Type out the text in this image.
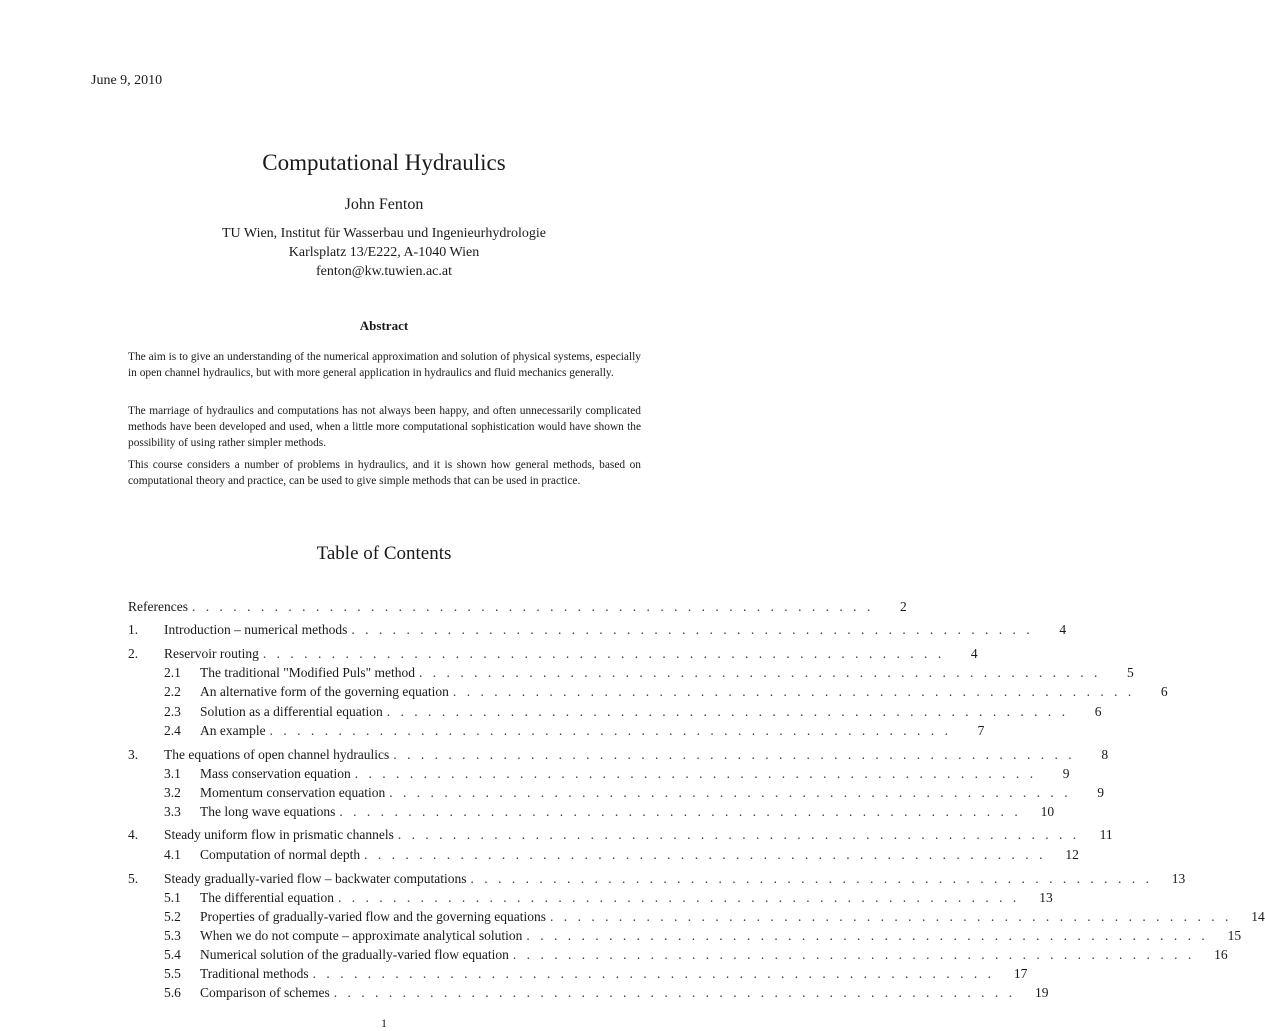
June 9, 2010
Computational Hydraulics
John Fenton
TU Wien, Institut für Wasserbau und Ingenieurhydrologie
Karlsplatz 13/E222, A-1040 Wien
fenton@kw.tuwien.ac.at
Abstract

The aim is to give an understanding of the numerical approximation and solution of physical systems, especially in open channel hydraulics, but with more general application in hydraulics and fluid mechanics generally.

The marriage of hydraulics and computations has not always been happy, and often unnecessarily complicated methods have been developed and used, when a little more computational sophistication would have shown the possibility of using rather simpler methods.

This course considers a number of problems in hydraulics, and it is shown how general methods, based on computational theory and practice, can be used to give simple methods that can be used in practice.

Table of Contents
References ..................................................	2
1.	Introduction – numerical methods ..................................................	4
2.	Reservoir routing ..................................................	4
2.1	The traditional "Modified Puls" method ..................................................	5
2.2	An alternative form of the governing equation ..................................................	6
2.3	Solution as a differential equation ..................................................	6
2.4	An example ..................................................	7
3.	The equations of open channel hydraulics ..................................................	8
3.1	Mass conservation equation ..................................................	9
3.2	Momentum conservation equation ..................................................	9
3.3	The long wave equations .................................................. 10
4.	Steady uniform flow in prismatic channels .................................................. 11
4.1	Computation of normal depth .................................................. 12
5.	Steady gradually-varied flow – backwater computations .................................................. 13
5.1	The differential equation .................................................. 13
5.2	Properties of gradually-varied flow and the governing equations .................................................. 14
5.3	When we do not compute – approximate analytical solution .................................................. 15
5.4	Numerical solution of the gradually-varied flow equation .................................................. 16
5.5	Traditional methods .................................................. 17
5.6	Comparison of schemes .................................................. 19
1
